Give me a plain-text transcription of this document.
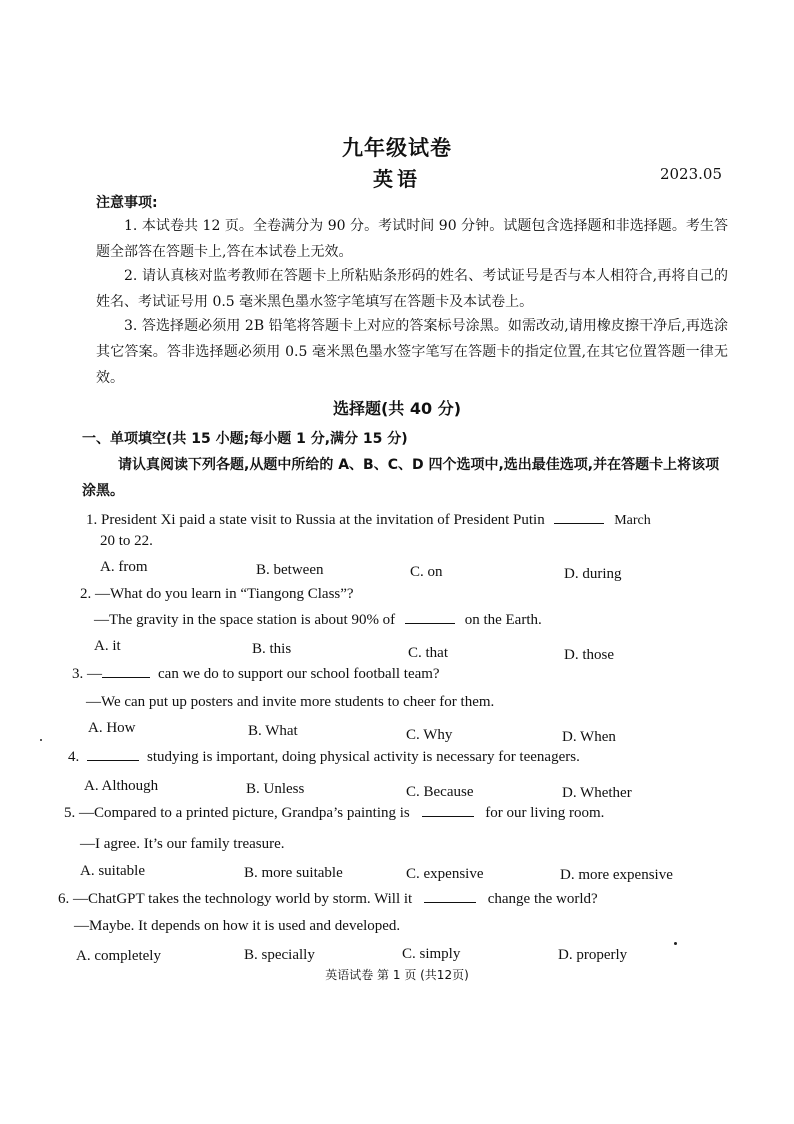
九年级试卷
英语	2023.05
注意事项:
1. 本试卷共 12 页。全卷满分为 90 分。考试时间 90 分钟。试题包含选择题和非选择题。考生答题全部答在答题卡上,答在本试卷上无效。
2. 请认真核对监考教师在答题卡上所粘贴条形码的姓名、考试证号是否与本人相符合,再将自己的姓名、考试证号用 0.5 毫米黑色墨水签字笔填写在答题卡及本试卷上。
3. 答选择题必须用 2B 铅笔将答题卡上对应的答案标号涂黑。如需改动,请用橡皮擦干净后,再选涂其它答案。答非选择题必须用 0.5 毫米黑色墨水签字笔写在答题卡的指定位置,在其它位置答题一律无效。
选择题(共 40 分)
一、单项填空(共 15 小题;每小题 1 分,满分 15 分)
请认真阅读下列各题,从题中所给的 A、B、C、D 四个选项中,选出最佳选项,并在答题卡上将该项涂黑。
1. President Xi paid a state visit to Russia at the invitation of President Putin	March
20 to 22.
A. from	B. between	C. on	D. during
2. —What do you learn in “Tiangong Class”?
—The gravity in the space station is about 90% of	on the Earth.
A. it	B. this	C. that	D. those
3. —	can we do to support our school football team?
—We can put up posters and invite more students to cheer for them.
A. How	B. What	C. Why	D. When
4.	studying is important, doing physical activity is necessary for teenagers.
A. Although	B. Unless	C. Because	D. Whether
5. —Compared to a printed picture, Grandpa’s painting is	for our living room.
—I agree. It’s our family treasure.
A. suitable	B. more suitable	C. expensive	D. more expensive
6. —ChatGPT takes the technology world by storm. Will it	change the world?
—Maybe. It depends on how it is used and developed.
A. completely	B. specially	C. simply	D. properly
英语试卷 第 1 页 (共12页)
